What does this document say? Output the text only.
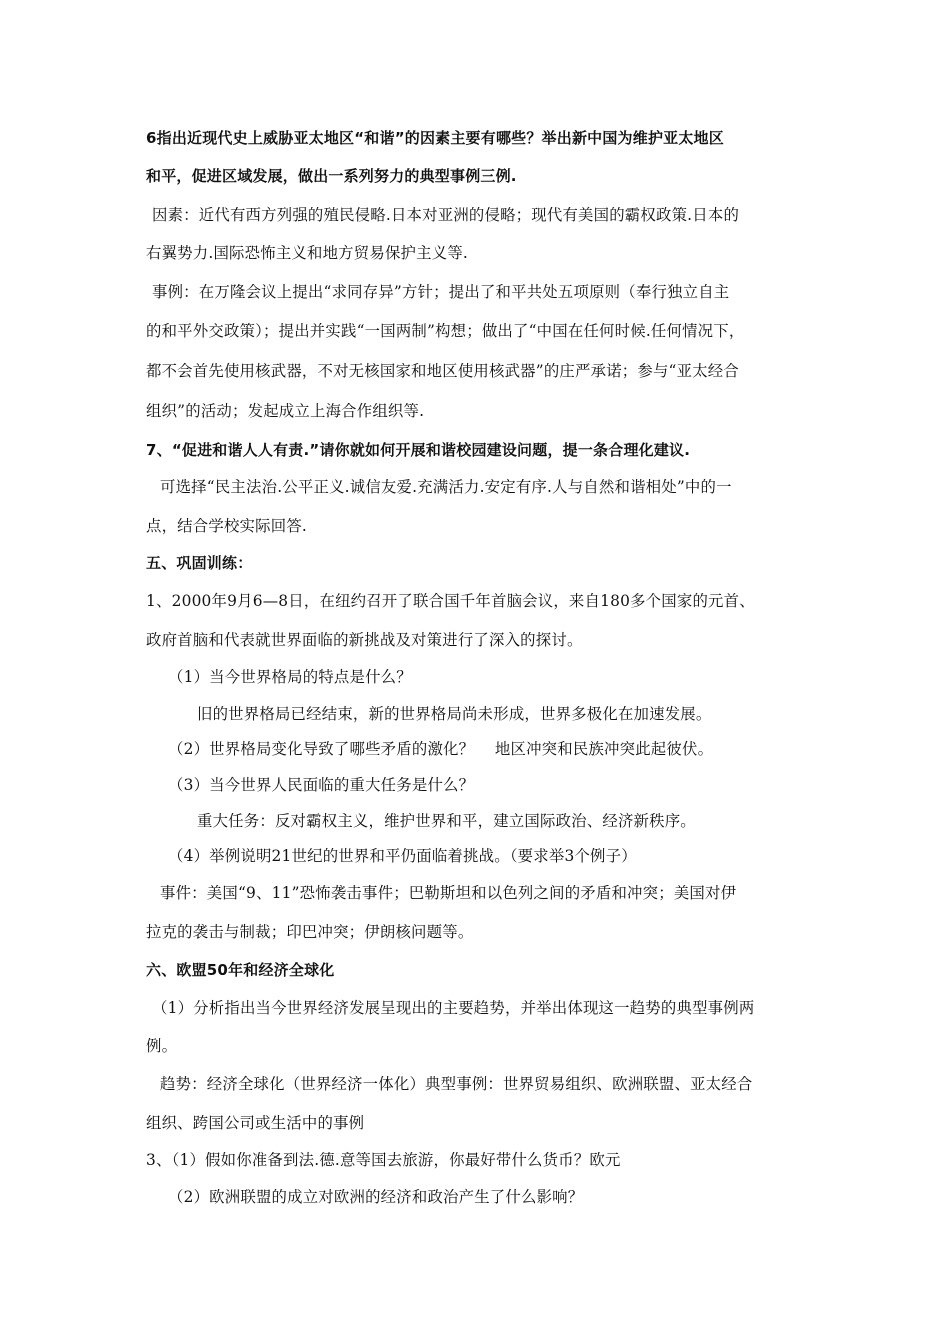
6指出近现代史上威胁亚太地区“和谐”的因素主要有哪些？举出新中国为维护亚太地区
和平，促进区域发展，做出一系列努力的典型事例三例.
因素：近代有西方列强的殖民侵略.日本对亚洲的侵略；现代有美国的霸权政策.日本的
右翼势力.国际恐怖主义和地方贸易保护主义等.
事例：在万隆会议上提出“求同存异”方针；提出了和平共处五项原则（奉行独立自主
的和平外交政策）；提出并实践“一国两制”构想；做出了“中国在任何时候.任何情况下，
都不会首先使用核武器，不对无核国家和地区使用核武器”的庄严承诺；参与“亚太经合
组织”的活动；发起成立上海合作组织等.
7、“促进和谐人人有责.”请你就如何开展和谐校园建设问题，提一条合理化建议.
可选择“民主法治.公平正义.诚信友爱.充满活力.安定有序.人与自然和谐相处”中的一
点，结合学校实际回答.
五、巩固训练：
1、2000年9月6—8日，在纽约召开了联合国千年首脑会议，来自180多个国家的元首、
政府首脑和代表就世界面临的新挑战及对策进行了深入的探讨。
（1）当今世界格局的特点是什么？
旧的世界格局已经结束，新的世界格局尚未形成，世界多极化在加速发展。
（2）世界格局变化导致了哪些矛盾的激化？　 地区冲突和民族冲突此起彼伏。
（3）当今世界人民面临的重大任务是什么？
重大任务：反对霸权主义，维护世界和平，建立国际政治、经济新秩序。
（4）举例说明21世纪的世界和平仍面临着挑战。（要求举3个例子）
事件：美国“9、11”恐怖袭击事件；巴勒斯坦和以色列之间的矛盾和冲突；美国对伊
拉克的袭击与制裁；印巴冲突；伊朗核问题等。
六、欧盟50年和经济全球化
（1）分析指出当今世界经济发展呈现出的主要趋势，并举出体现这一趋势的典型事例两
例。
趋势：经济全球化（世界经济一体化）典型事例：世界贸易组织、欧洲联盟、亚太经合
组织、跨国公司或生活中的事例
3、（1）假如你准备到法.德.意等国去旅游，你最好带什么货币？欧元
（2）欧洲联盟的成立对欧洲的经济和政治产生了什么影响？
